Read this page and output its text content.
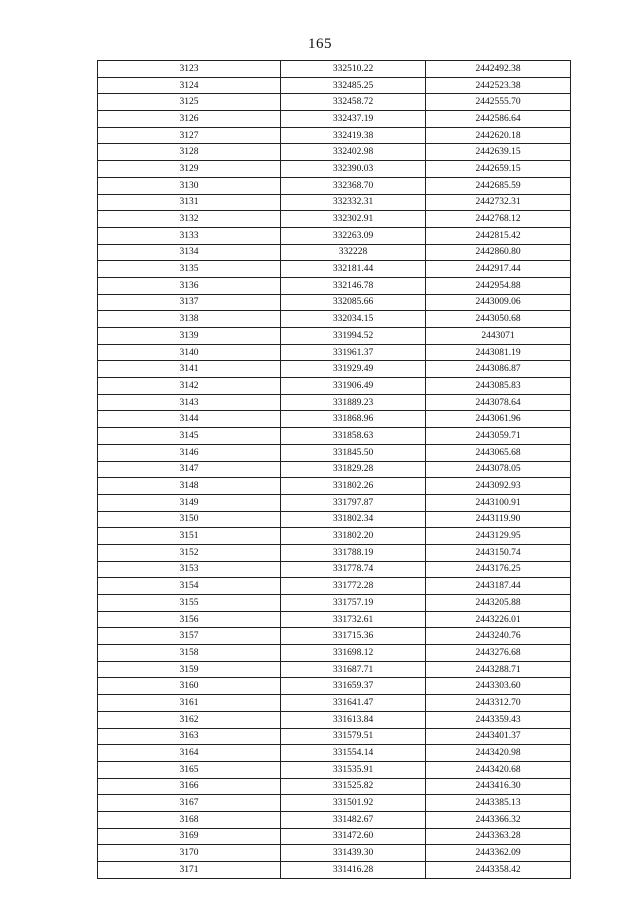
165
3123	332510.22	2442492.38
3124	332485.25	2442523.38
3125	332458.72	2442555.70
3126	332437.19	2442586.64
3127	332419.38	2442620.18
3128	332402.98	2442639.15
3129	332390.03	2442659.15
3130	332368.70	2442685.59
3131	332332.31	2442732.31
3132	332302.91	2442768.12
3133	332263.09	2442815.42
3134	332228	2442860.80
3135	332181.44	2442917.44
3136	332146.78	2442954.88
3137	332085.66	2443009.06
3138	332034.15	2443050.68
3139	331994.52	2443071
3140	331961.37	2443081.19
3141	331929.49	2443086.87
3142	331906.49	2443085.83
3143	331889.23	2443078.64
3144	331868.96	2443061.96
3145	331858.63	2443059.71
3146	331845.50	2443065.68
3147	331829.28	2443078.05
3148	331802.26	2443092.93
3149	331797.87	2443100.91
3150	331802.34	2443119.90
3151	331802.20	2443129.95
3152	331788.19	2443150.74
3153	331778.74	2443176.25
3154	331772.28	2443187.44
3155	331757.19	2443205.88
3156	331732.61	2443226.01
3157	331715.36	2443240.76
3158	331698.12	2443276.68
3159	331687.71	2443288.71
3160	331659.37	2443303.60
3161	331641.47	2443312.70
3162	331613.84	2443359.43
3163	331579.51	2443401.37
3164	331554.14	2443420.98
3165	331535.91	2443420.68
3166	331525.82	2443416.30
3167	331501.92	2443385.13
3168	331482.67	2443366.32
3169	331472.60	2443363.28
3170	331439.30	2443362.09
3171	331416.28	2443358.42
